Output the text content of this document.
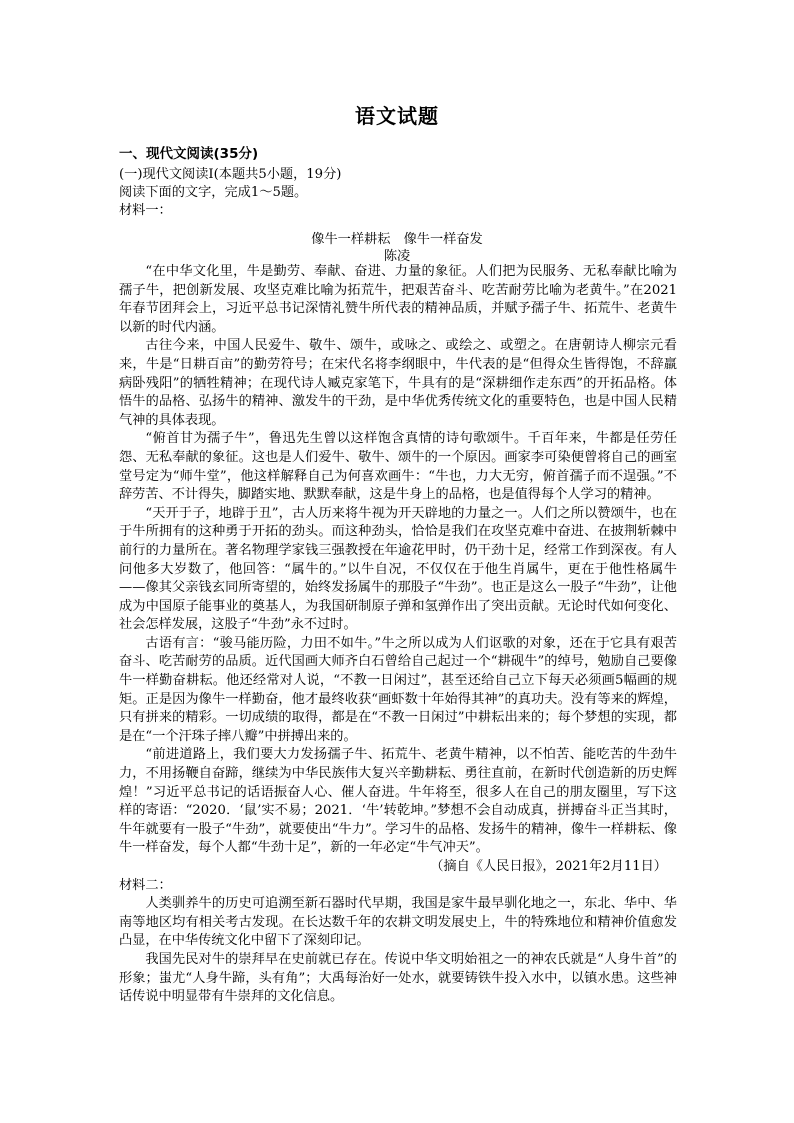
语文试题
一、现代文阅读(35分)
(一)现代文阅读Ⅰ(本题共5小题，19分)
阅读下面的文字，完成1～5题。
材料一：
像牛一样耕耘　像牛一样奋发
陈凌

“在中华文化里，牛是勤劳、奉献、奋进、力量的象征。人们把为民服务、无私奉献比喻为孺子牛，把创新发展、攻坚克难比喻为拓荒牛，把艰苦奋斗、吃苦耐劳比喻为老黄牛。”在2021年春节团拜会上，习近平总书记深情礼赞牛所代表的精神品质，并赋予孺子牛、拓荒牛、老黄牛以新的时代内涵。

古往今来，中国人民爱牛、敬牛、颂牛，或咏之、或绘之、或塑之。在唐朝诗人柳宗元看来，牛是“日耕百亩”的勤劳符号；在宋代名将李纲眼中，牛代表的是“但得众生皆得饱，不辞羸病卧残阳”的牺牲精神；在现代诗人臧克家笔下，牛具有的是“深耕细作走东西”的开拓品格。体悟牛的品格、弘扬牛的精神、激发牛的干劲，是中华优秀传统文化的重要特色，也是中国人民精气神的具体表现。

“俯首甘为孺子牛”，鲁迅先生曾以这样饱含真情的诗句歌颂牛。千百年来，牛都是任劳任怨、无私奉献的象征。这也是人们爱牛、敬牛、颂牛的一个原因。画家李可染便曾将自己的画室堂号定为“师牛堂”，他这样解释自己为何喜欢画牛：“牛也，力大无穷，俯首孺子而不逞强。”不辞劳苦、不计得失，脚踏实地、默默奉献，这是牛身上的品格，也是值得每个人学习的精神。

“天开于子，地辟于丑”，古人历来将牛视为开天辟地的力量之一。人们之所以赞颂牛，也在于牛所拥有的这种勇于开拓的劲头。而这种劲头，恰恰是我们在攻坚克难中奋进、在披荆斩棘中前行的力量所在。著名物理学家钱三强教授在年逾花甲时，仍干劲十足，经常工作到深夜。有人问他多大岁数了，他回答：“属牛的。”以牛自况，不仅仅在于他生肖属牛，更在于他性格属牛——像其父亲钱玄同所寄望的，始终发扬属牛的那股子“牛劲”。也正是这么一股子“牛劲”，让他成为中国原子能事业的奠基人，为我国研制原子弹和氢弹作出了突出贡献。无论时代如何变化、社会怎样发展，这股子“牛劲”永不过时。

古语有言：“骏马能历险，力田不如牛。”牛之所以成为人们讴歌的对象，还在于它具有艰苦奋斗、吃苦耐劳的品质。近代国画大师齐白石曾给自己起过一个“耕砚牛”的绰号，勉励自己要像牛一样勤奋耕耘。他还经常对人说，“不教一日闲过”，甚至还给自己立下每天必须画5幅画的规矩。正是因为像牛一样勤奋，他才最终收获“画虾数十年始得其神”的真功夫。没有等来的辉煌，只有拼来的精彩。一切成绩的取得，都是在“不教一日闲过”中耕耘出来的；每个梦想的实现，都是在“一个汗珠子摔八瓣”中拼搏出来的。

“前进道路上，我们要大力发扬孺子牛、拓荒牛、老黄牛精神，以不怕苦、能吃苦的牛劲牛力，不用扬鞭自奋蹄，继续为中华民族伟大复兴辛勤耕耘、勇往直前，在新时代创造新的历史辉煌！”习近平总书记的话语振奋人心、催人奋进。牛年将至，很多人在自己的朋友圈里，写下这样的寄语：“2020．‘鼠’实不易；2021．‘牛’转乾坤。”梦想不会自动成真，拼搏奋斗正当其时，牛年就要有一股子“牛劲”，就要使出“牛力”。学习牛的品格、发扬牛的精神，像牛一样耕耘、像牛一样奋发，每个人都“牛劲十足”，新的一年必定“牛气冲天”。

（摘自《人民日报》，2021年2月11日）

材料二：

人类驯养牛的历史可追溯至新石器时代早期，我国是家牛最早驯化地之一，东北、华中、华南等地区均有相关考古发现。在长达数千年的农耕文明发展史上，牛的特殊地位和精神价值愈发凸显，在中华传统文化中留下了深刻印记。

我国先民对牛的崇拜早在史前就已存在。传说中华文明始祖之一的神农氏就是“人身牛首”的形象；蚩尤“人身牛蹄，头有角”；大禹每治好一处水，就要铸铁牛投入水中，以镇水患。这些神话传说中明显带有牛崇拜的文化信息。
